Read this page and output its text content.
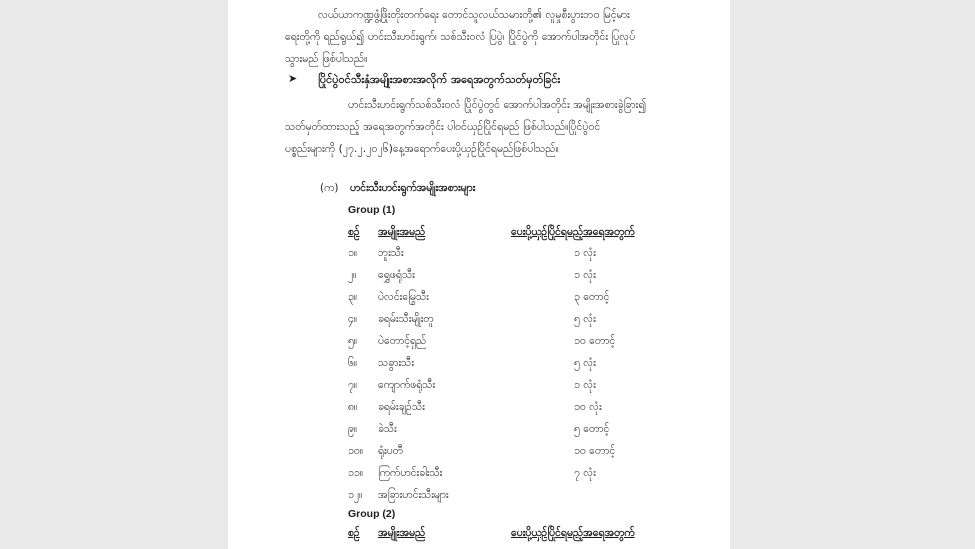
လယ်ယာကဏ္ဍဖွံ့ဖြိုးတိုးတက်ရေး တောင်သူလယ်သမားတို့၏ လူမှုစီးပွားဘဝ မြင့်မား
ရေးတို့ကို ရည်ရွယ်၍ ဟင်းသီးဟင်းရွက်၊ သစ်သီးဝလံ ပြပွဲ၊ ပြိုင်ပွဲကို အောက်ပါအတိုင်း ပြုလုပ်
သွားမည် ဖြစ်ပါသည်။
➤ ပြိုင်ပွဲဝင်သီးနှံအမျိုးအစားအလိုက် အရေအတွက်သတ်မှတ်ခြင်း
ဟင်းသီးဟင်းရွက်သစ်သီးဝလံ ပြိုင်ပွဲတွင် အောက်ပါအတိုင်း အမျိုးအစားခွဲခြား၍
သတ်မှတ်ထားသည့် အရေအတွက်အတိုင်း ပါဝင်ယှဉ်ပြိုင်ရမည် ဖြစ်ပါသည်။ပြိုင်ပွဲဝင်
ပစ္စည်းများကို (၂၇.၂.၂၀၂၆)နေ့အရောက်ပေးပို့ယှဉ်ပြိုင်ရမည်ဖြစ်ပါသည်။
(က) ဟင်းသီးဟင်းရွက်အမျိုးအစားများ
Group (1)
စဉ် အမျိုးအမည်	ပေးပို့ယှဉ်ပြိုင်ရမည့်အရေအတွက်
၁။ ဘူးသီး	၁ လုံး
၂။ ရွှေဖရုံသီး	၁ လုံး
၃။ ပဲလင်းမြွေသီး	၃ တောင့်
၄။ ခရမ်းသီးမျိုးတူ	၅ လုံး
၅။ ပဲတောင့်ရှည်	၁၀ တောင့်
၆။ သခွားသီး	၅ လုံး
၇။ ကျောက်ဖရုံသီး	၁ လုံး
၈။ ခရမ်းချဉ်သီး	၁၀ လုံး
၉။ ခဲသီး	၅ တောင့်
၁၀။ ရုံးပတီ	၁၀ တောင့်
၁၁။ ကြက်ဟင်းခါးသီး	၇ လုံး
၁၂။ အခြားဟင်းသီးများ
Group (2)
စဉ် အမျိုးအမည်	ပေးပို့ယှဉ်ပြိုင်ရမည့်အရေအတွက်
